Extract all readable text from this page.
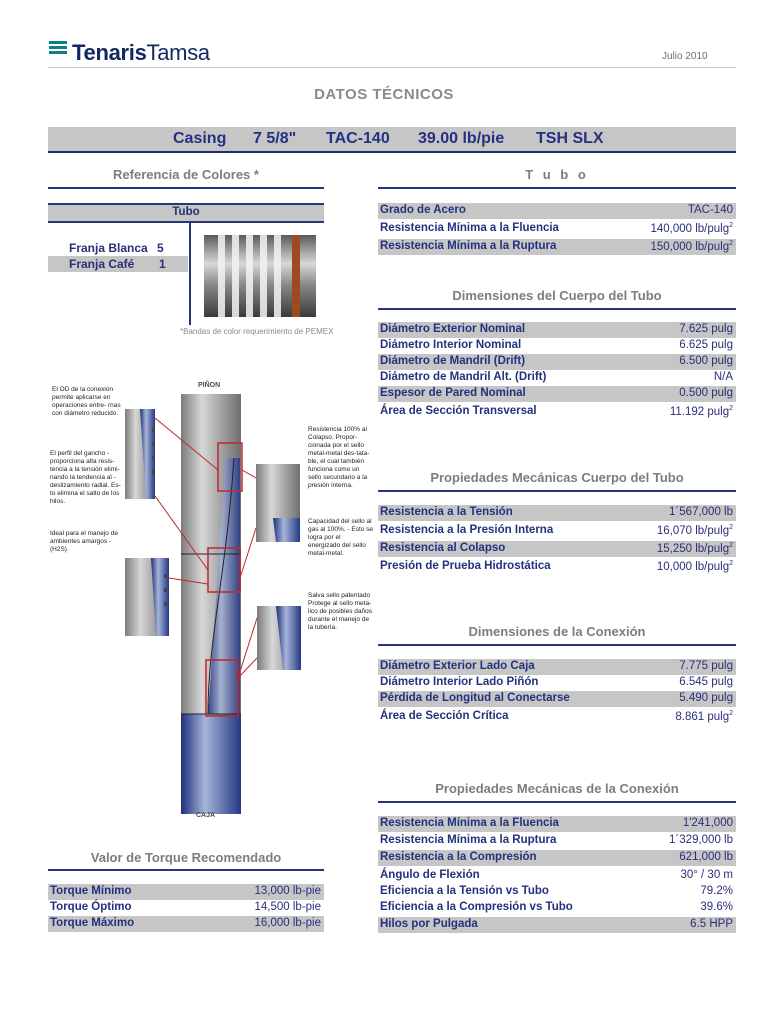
TenarisTamsa	Julio 2010
DATOS TÉCNICOS
Casing 7 5/8" TAC-140 39.00 lb/pie TSH SLX
Referencia de Colores *
Tubo
Franja Blanca 5
Franja Café 1
*Bandas de color requerimiento de PEMEX
PIÑON
CAJA
El OD de la conexión permite aplicarse en operaciones entre- rnas con diámetro reducido.
El perfil del gancho - proporciona alta resis- tencia a la tensión elimi- nando la tendencia al - deslizamiento radial. Es- to elimina el salto de los hilos.
Ideal para el manejo de ambientes amargos - (H2S).
Resistencia 100% al Colapso. Propor- cionada por el sello metal-metal des-tata- ble, el cual también funciona como un sello secundario a la presión interna.
Capacidad del sello al gas al 100%. - Esto se logra por el energizado del sello metal-metal.
Salva sello patentado Protege al sello meta- lico de posibles daños durante el manejo de la tubería.
Valor de Torque Recomendado
Torque Mínimo	13,000 lb-pie
Torque Óptimo	14,500 lb-pie
Torque Máximo	16,000 lb-pie
T u b o
Grado de Acero	TAC-140
Resistencia Mínima a la Fluencia	140,000 lb/pulg$^2$
Resistencia Mínima a la Ruptura	150,000 lb/pulg$^2$
Dimensiones del Cuerpo del Tubo
Diámetro Exterior Nominal	7.625 pulg
Diámetro Interior Nominal	6.625 pulg
Diámetro de Mandril (Drift)	6.500 pulg
Diámetro de Mandril Alt. (Drift)	N/A
Espesor de Pared Nominal	0.500 pulg
Área de Sección Transversal	11.192 pulg$^2$
Propiedades Mecánicas Cuerpo del Tubo
Resistencia a la Tensión	1´567,000 lb
Resistencia a la Presión Interna	16,070 lb/pulg$^2$
Resistencia al Colapso	15,250 lb/pulg$^2$
Presión de Prueba Hidrostática	10,000 lb/pulg$^2$
Dimensiones de la Conexión
Diámetro Exterior Lado Caja	7.775 pulg
Diámetro Interior Lado Piñón	6.545 pulg
Pérdida de Longitud al Conectarse	5.490 pulg
Área de Sección Crítica	8.861 pulg$^2$
Propiedades Mecánicas de la Conexión
Resistencia Mínima a la Fluencia	1'241,000
Resistencia Mínima a la Ruptura	1´329,000 lb
Resistencia a la Compresión	621,000 lb
Ángulo de Flexión	30° / 30 m
Eficiencia a la Tensión vs Tubo	79.2%
Eficiencia a la Compresión vs Tubo	39.6%
Hilos por Pulgada	6.5 HPP
